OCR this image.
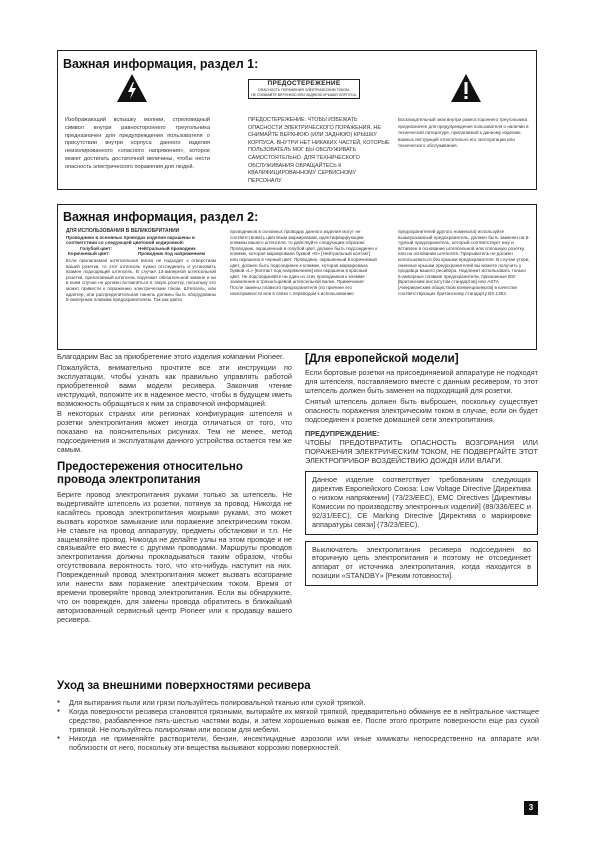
Важная информация, раздел 1:
ПРЕДОСТЕРЕЖЕНИЕ
ОПАСНОСТЬ ПОРАЖЕНИЯ ЭЛЕКТРИЧЕСКИМ ТОКОМ.
НЕ СНИМАЙТЕ ВЕРХНЮЮ ИЛИ ЗАДНЮЮ КРЫШКУ КОРПУСА.
Изображающий вспышку молнии, стреловидный символ внутри равностороннего треугольника предназначен для предупреждения пользователя о присутствии внутри корпуса данного изделия неизолированного «опасного напряжения», которое может достигать достаточной величины, чтобы нести опасность электрического поражения для людей.
ПРЕДОСТЕРЕЖЕНИЕ: ЧТОБЫ ИЗБЕЖАТЬ ОПАСНОСТИ ЭЛЕКТРИЧЕСКОГО ПОРАЖЕНИЯ, НЕ СНИМАЙТЕ ВЕРХНЮЮ (ИЛИ ЗАДНЮЮ) КРЫШКУ КОРПУСА. ВНУТРИ НЕТ НИКАКИХ ЧАСТЕЙ, КОТОРЫЕ ПОЛЬЗОВАТЕЛЬ МОГ БЫ ОБСЛУЖИВАТЬ САМОСТОЯТЕЛЬНО. ДЛЯ ТЕХНИЧЕСКОГО ОБСЛУЖИВАНИЯ ОБРАЩАЙТЕСЬ К КВАЛИФИЦИРОВАННОМУ СЕРВИСНОМУ ПЕРСОНАЛУ.
Восклицательный знак внутри равностороннего треугольника предназначен для предупреждения пользователя о наличии в технической литературе, прилагаемой к данному изделию, важных инструкций относительно его эксплуатации или технического обслуживания.
Важная информация, раздел 2:
ДЛЯ ИСПОЛЬЗОВАНИЯ В ВЕЛИКОБРИТАНИИ
Проводники в основных проводах изделия окрашены в соответствии со следующей цветовой кодировкой:
Голубой цвет:	Нейтральный проводник
Коричневый цвет:	Проводник под напряжением
Если прилагаемая штепсельная вилка не подходит к отверстиям вашей розетки, то этот штепсель нужно отсоединить и установить взамен подходящий штепсель. В случае 13-амперной штепсельной розетки, прилагаемый штепсель подлежит обязательной замене и ни в коем случае не должен вставляться в такую розетку, поскольку это может привести к поражению электрическим током. Штепсель, или адаптер, или распределительная панель должны быть оборудованы 5-амперным плавким предохранителем. Так как цвета
проводников в основных проводах данного изделия могут не соответствовать цветовым маркировкам, идентифицирующим клеммы вашего штепселя, то действуйте следующим образом: Проводник, окрашенный в голубой цвет, должен быть подсоединен к клемме, которая маркирована буквой «N» [Нейтральный контакт] или окрашена в черный цвет. Проводник, окрашенный в коричневый цвет, должен быть подсоединен к клемме, которая маркирована буквой «L» [Контакт под напряжением] или окрашена в красный цвет. Не подсоединяйте ни один из этих проводников к клемме заземления в трехштыревой штепсельной вилке. Примечание: После замены плавкого предохранителя (по причине его неисправности или в связи с переводом к использованию
предохранителей другого номинала) используйте вышеуказанный предохранитель, должен быть заменен на 5-турный предохранитель, который соответствует ему и вставлен в основание штепсельной или сплошную розетку, или на основании штепселя. Прерыватель не должен использоваться без крышки предохранителя. В случае утери, сменные крышки предохранителей вы можете получить у продавца вашего ресивера. Надлежит использовать только 5-амперные плавкие предохранители, признанные BSI [Британским институтом стандартов] или ASTA [Американским обществом конвенционеров] в качестве соответствующих британскому стандарту BS 1362.

Благодарим Вас за приобретение этого изделия компании Pioneer.

Пожалуйста, внимательно прочтите все эти инструкции по эксплуатации, чтобы узнать как правильно управлять работой приобретенной вами модели ресивера. Закончив чтение инструкций, положите их в надежное место, чтобы в будущем иметь возможность обращаться к ним за справочной информацией.

В некоторых странах или регионах конфигурация штепселя и розетки электропитания может иногда отличаться от того, что показано на пояснительных рисунках. Тем не менее, метод подсоединения и эксплуатации данного устройства остается тем же самым.

Предостережения относительно провода электропитания

Берите провод электропитания руками только за штепсель. Не выдергивайте штепсель из розетки, потянув за провод. Никогда не касайтесь провода электропитания мокрыми руками, это может вызвать короткое замыкание или поражение электрическим током. Не ставьте на провод аппаратуру, предметы обстановки и т.п. Не защемляйте провод. Никогда не делайте узлы на этом проводе и не связывайте его вместе с другими проводами. Маршруты проводов электропитания должны прокладываться таким образом, чтобы отсутствовала вероятность того, что кто-нибудь наступит на них. Поврежденный провод электропитания может вызвать возгорание или нанести вам поражение электрическим током. Время от времени проверяйте провод электропитания. Если вы обнаружите, что он поврежден, для замены провода обратитесь в ближайший авторизованный сервисный центр Pioneer или к продавцу вашего ресивера.

[Для европейской модели]

Если бортовые розетки на присоединяемой аппаратуре не подходят для штепселя, поставляемого вместе с данным ресивером, то этот штепсель должен быть заменен на подходящий для розетки.

Снятый штепсель должен быть выброшен, поскольку существует опасность поражения электрическим током в случае, если он будет подсоединен к розетке домашней сети электропитания.

ПРЕДУПРЕЖДЕНИЕ:

ЧТОБЫ ПРЕДОТВРАТИТЬ ОПАСНОСТЬ ВОЗГОРАНИЯ ИЛИ ПОРАЖЕНИЯ ЭЛЕКТРИЧЕСКИМ ТОКОМ, НЕ ПОДВЕРГАЙТЕ ЭТОТ ЭЛЕКТРОПРИБОР ВОЗДЕЙСТВИЮ ДОЖДЯ ИЛИ ВЛАГИ.

Данное изделие соответствует требованиям следующих директив Европейского Союза: Low Voltage Directive [Директива о низком напряжении] (73/23/EEC), EMC Directives [Директивы Комиссии по производству электронных изделий] (89/336/EEC и 92/31/EEC), CE Marking Directive [Директива о маркировке аппаратуры связи] (73/23/EEC).
Выключатель электропитания ресивера подсоединен во вторичную цепь электропитания и поэтому не отсоединяет аппарат от источника электропитания, когда находится в позиции «STANDBY» [Режим готовности].
Уход за внешними поверхностями ресивера
● Для вытирания пыли или грязи пользуйтесь полировальной тканью или сухой тряпкой.
● Когда поверхности ресивера становятся грязными, вытирайте их мягкой тряпкой, предварительно обмакнув ее в нейтральное чистящее средство, разбавленное пять-шестью частями воды, и затем хорошенько выжав ее. После этого протрите поверхности еще раз сухой тряпкой. Не пользуйтесь полиролями или воском для мебели.
● Никогда не применяйте растворители, бензин, инсектицидные аэрозоли или иные химикаты непосредственно на аппарате или поблизости от него, поскольку эти вещества вызывают коррозию поверхностей.
3
